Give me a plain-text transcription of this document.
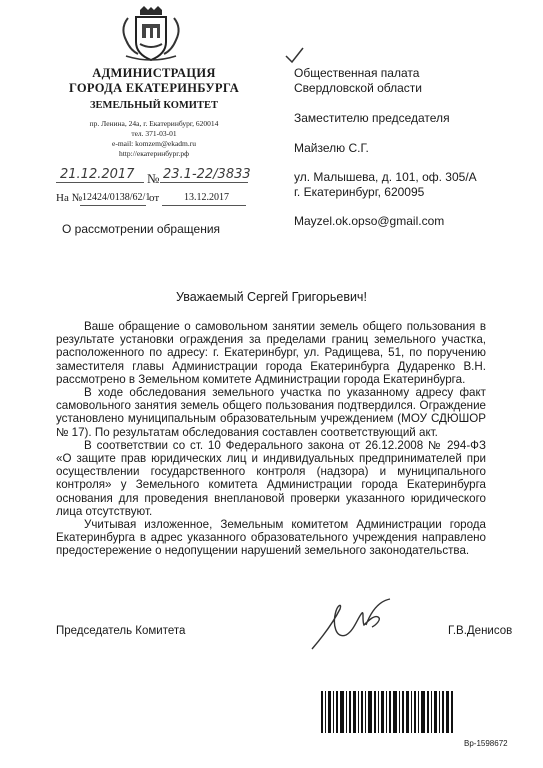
АДМИНИСТРАЦИЯ
ГОРОДА ЕКАТЕРИНБУРГА
ЗЕМЕЛЬНЫЙ КОМИТЕТ
пр. Ленина, 24а, г. Екатеринбург, 620014
тел. 371-03-01
e-mail: komzem@ekadm.ru
http://екатеринбург.рф
21.12.2017 № 23.1-22/3833
На № 12424/0138/62/1
от 13.12.2017
О рассмотрении обращения
Общественная палата
Свердловской области
Заместителю председателя
Майзелю С.Г.
ул. Малышева, д. 101, оф. 305/А
г. Екатеринбург, 620095
Mayzel.ok.opso@gmail.com
Уважаемый Сергей Григорьевич!

Ваше обращение о самовольном занятии земель общего пользования в результате установки ограждения за пределами границ земельного участка, расположенного по адресу: г. Екатеринбург, ул. Радищева, 51, по поручению заместителя главы Администрации города Екатеринбурга Дударенко В.Н. рассмотрено в Земельном комитете Администрации города Екатеринбурга.

В ходе обследования земельного участка по указанному адресу факт самовольного занятия земель общего пользования подтвердился. Ограждение установлено муниципальным образовательным учреждением (МОУ СДЮШОР № 17). По результатам обследования составлен соответствующий акт.

В соответствии со ст. 10 Федерального закона от 26.12.2008 № 294-ФЗ «О защите прав юридических лиц и индивидуальных предпринимателей при осуществлении государственного контроля (надзора) и муниципального контроля» у Земельного комитета Администрации города Екатеринбурга основания для проведения внеплановой проверки указанного юридического лица отсутствуют.

Учитывая изложенное, Земельным комитетом Администрации города Екатеринбурга в адрес указанного образовательного учреждения направлено предостережение о недопущении нарушений земельного законодательства.

Председатель Комитета	Г.В.Денисов
Вр-1598672
